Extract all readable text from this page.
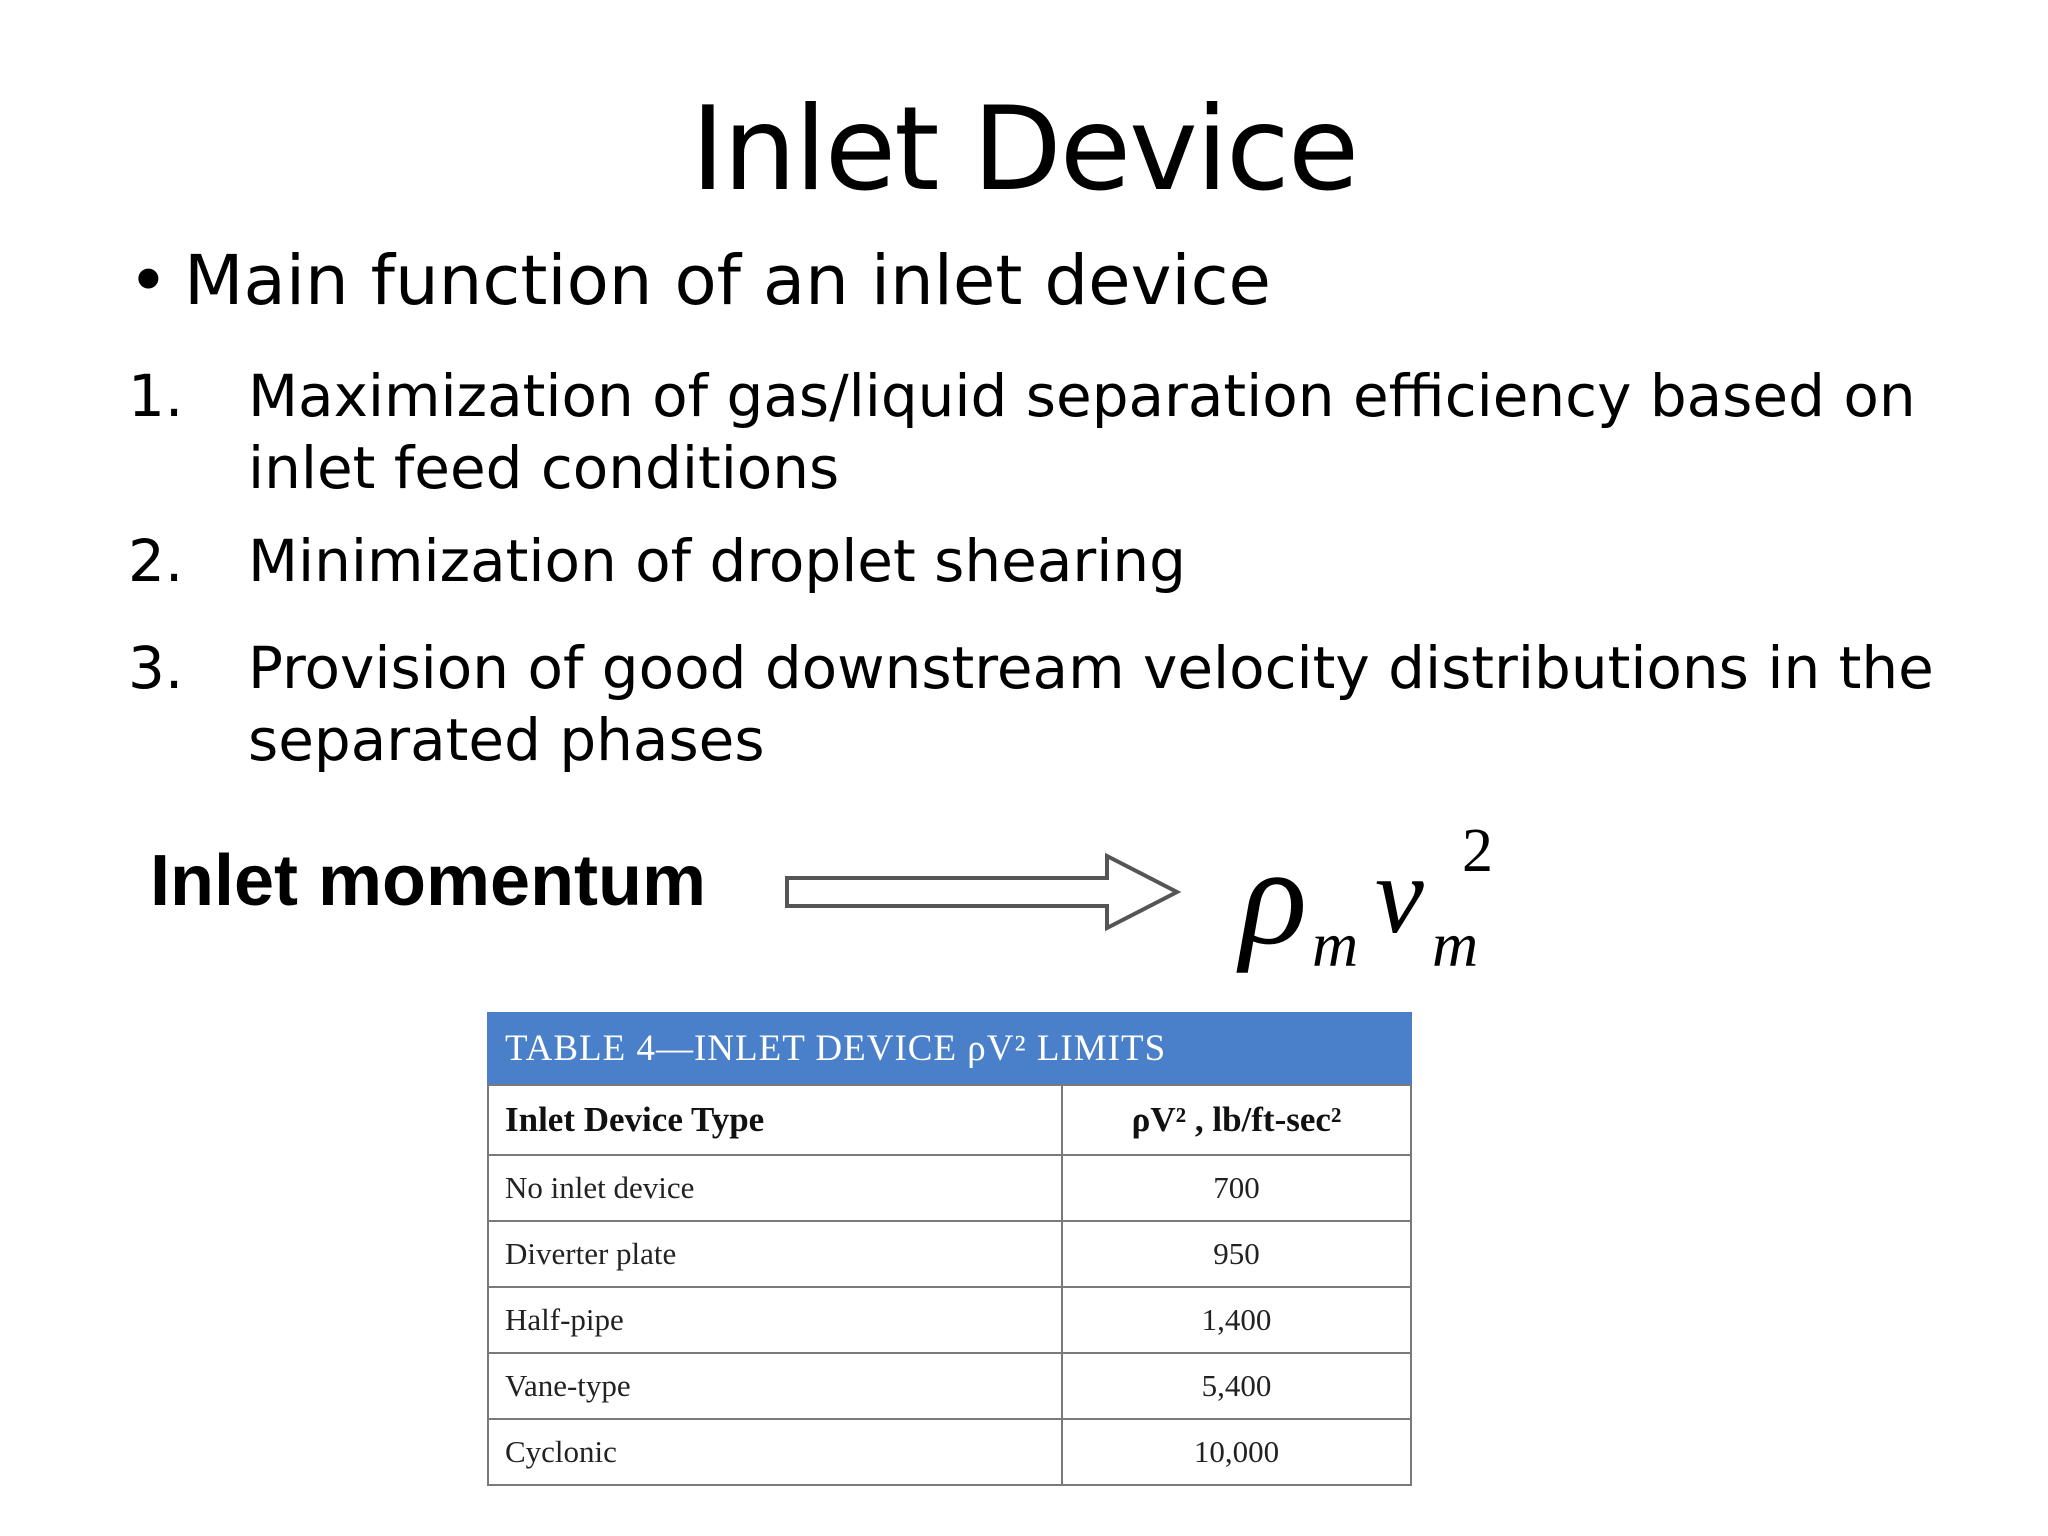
Inlet Device
• Main function of an inlet device
1. Maximization of gas/liquid separation efficiency based on
inlet feed conditions
2. Minimization of droplet shearing
3. Provision of good downstream velocity distributions in the
separated phases
Inlet momentum	ρ m v m
2
TABLE 4—INLET DEVICE ρV² LIMITS
Inlet Device Type	ρV² , lb/ft-sec²
No inlet device	700
Diverter plate	950
Half-pipe	1,400
Vane-type	5,400
Cyclonic	10,000
